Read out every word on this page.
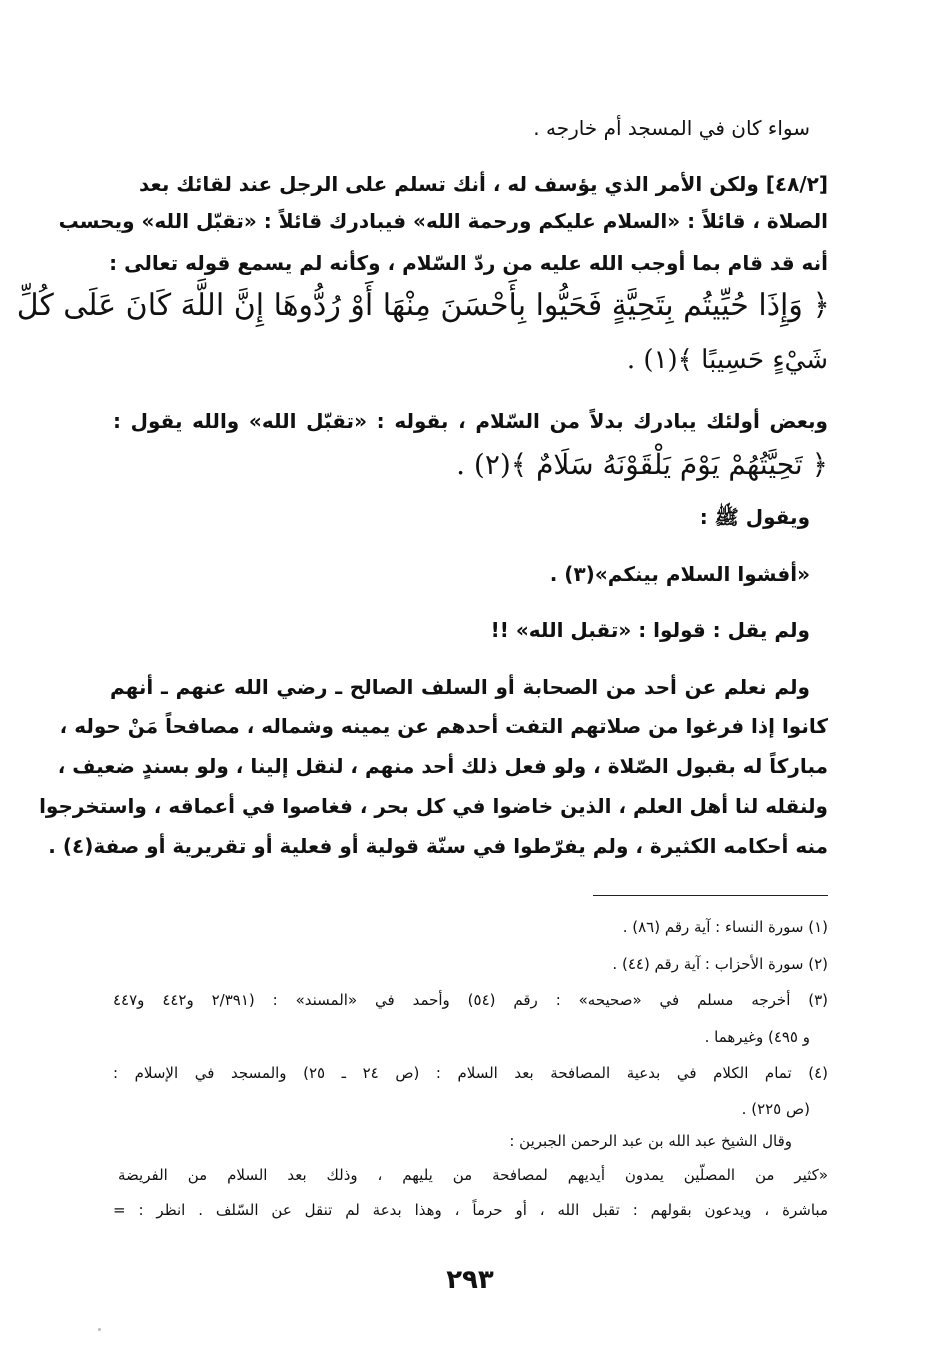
سواء كان في المسجد أم خارجه .
[٤٨/٢] ولكن الأمر الذي يؤسف له ، أنك تسلم على الرجل عند لقائك بعد
الصلاة ، قائلاً : «السلام عليكم ورحمة الله» فيبادرك قائلاً : «تقبّل الله» ويحسب
أنه قد قام بما أوجب الله عليه من ردّ السّلام ، وكأنه لم يسمع قوله تعالى :
﴿ وَإِذَا حُيِّيتُم بِتَحِيَّةٍ فَحَيُّوا بِأَحْسَنَ مِنْهَا أَوْ رُدُّوهَا إِنَّ اللَّهَ كَانَ عَلَى كُلِّ
شَيْءٍ حَسِيبًا ﴾(١) .
وبعض أولئك يبادرك بدلاً من السّلام ، بقوله : «تقبّل الله» والله يقول :
﴿ تَحِيَّتُهُمْ يَوْمَ يَلْقَوْنَهُ سَلَامٌ ﴾(٢) .
ويقول ﷺ :
«أفشوا السلام بينكم»(٣) .
ولم يقل : قولوا : «تقبل الله» !!
ولم نعلم عن أحد من الصحابة أو السلف الصالح ـ رضي الله عنهم ـ أنهم
كانوا إذا فرغوا من صلاتهم التفت أحدهم عن يمينه وشماله ، مصافحاً مَنْ حوله ،
مباركاً له بقبول الصّلاة ، ولو فعل ذلك أحد منهم ، لنقل إلينا ، ولو بسندٍ ضعيف ،
ولنقله لنا أهل العلم ، الذين خاضوا في كل بحر ، فغاصوا في أعماقه ، واستخرجوا
منه أحكامه الكثيرة ، ولم يفرّطوا في سنّة قولية أو فعلية أو تقريرية أو صفة(٤) .
(١) سورة النساء : آية رقم (٨٦) .
(٢) سورة الأحزاب : آية رقم (٤٤) .
(٣) أخرجه مسلم في «صحيحه» : رقم (٥٤) وأحمد في «المسند» : (٢/٣٩١ و٤٤٢ و٤٤٧
و ٤٩٥) وغيرهما .
(٤) تمام الكلام في بدعية المصافحة بعد السلام : (ص ٢٤ ـ ٢٥) والمسجد في الإسلام :
(ص ٢٢٥) .
وقال الشيخ عبد الله بن عبد الرحمن الجبرين :
«كثير من المصلّين يمدون أيديهم لمصافحة من يليهم ، وذلك بعد السلام من الفريضة
مباشرة ، ويدعون بقولهم : تقبل الله ، أو حرماً ، وهذا بدعة لم تنقل عن السّلف . انظر : =
٢٩٣
